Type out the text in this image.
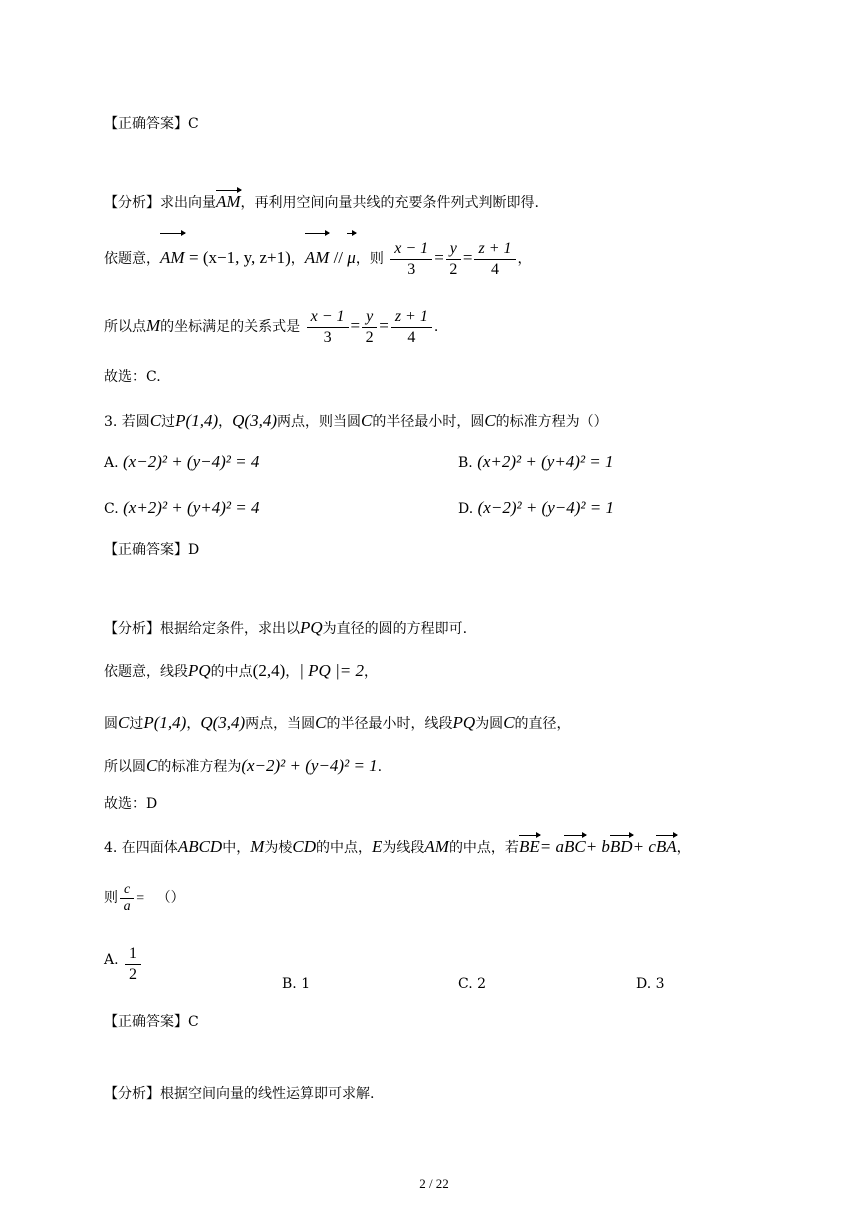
【正确答案】C
【分析】求出向量AM，再利用空间向量共线的充要条件列式判断即得.
依题意，AM = (x−1, y, z+1)，AM // μ，则 $\frac{x - 1}{3} = \frac{y}{2} = \frac{z + 1}{4}$ ，
所以点M的坐标满足的关系式是 $\frac{x - 1}{3} = \frac{y}{2} = \frac{z + 1}{4}$ .
故选：C.
3. 若圆C过P(1,4)，Q(3,4)两点，则当圆C的半径最小时，圆C的标准方程为（）
A. (x−2)² + (y−4)² = 4	B. (x+2)² + (y+4)² = 1
C. (x+2)² + (y+4)² = 4	D. (x−2)² + (y−4)² = 1
【正确答案】D
【分析】根据给定条件，求出以PQ为直径的圆的方程即可.
依题意，线段PQ的中点(2,4)，| PQ |= 2，
圆C过P(1,4)，Q(3,4)两点，当圆C的半径最小时，线段PQ为圆C的直径，
所以圆C的标准方程为(x−2)² + (y−4)² = 1.
故选：D
4. 在四面体ABCD中，M为棱CD的中点，E为线段AM的中点，若BE= aBC+ bBD+ cBA，
则 $\frac{c}{a}$ = （）
A. $\frac{1}{2}$	B. 1	C. 2	D. 3
【正确答案】C
【分析】根据空间向量的线性运算即可求解.
2 / 22
